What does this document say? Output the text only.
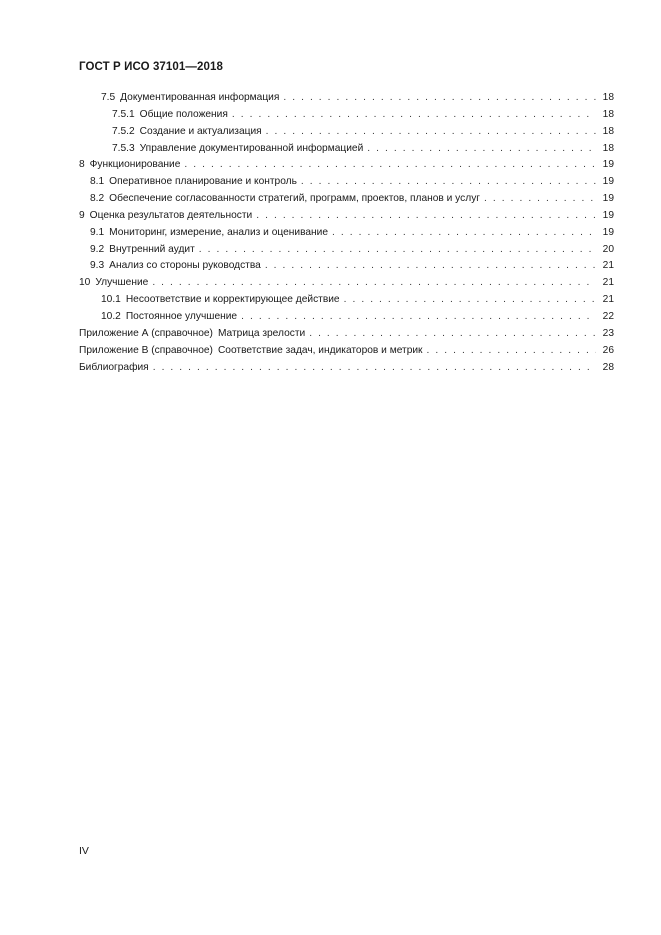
ГОСТ Р ИСО 37101—2018
7.5 Документированная информация . . .	18
7.5.1 Общие положения . . .	18
7.5.2 Создание и актуализация . . .	18
7.5.3 Управление документированной информацией . . .	18
8 Функционирование . . .	19
8.1 Оперативное планирование и контроль . . .	19
8.2 Обеспечение согласованности стратегий, программ, проектов, планов и услуг . . .	19
9 Оценка результатов деятельности . . .	19
9.1 Мониторинг, измерение, анализ и оценивание . . .	19
9.2 Внутренний аудит . . .	20
9.3 Анализ со стороны руководства . . .	21
10 Улучшение . . .	21
10.1 Несоответствие и корректирующее действие . . .	21
10.2 Постоянное улучшение . . .	22
Приложение А (справочное) Матрица зрелости . . .	23
Приложение В (справочное) Соответствие задач, индикаторов и метрик . . .	26
Библиография . . .	28
IV
